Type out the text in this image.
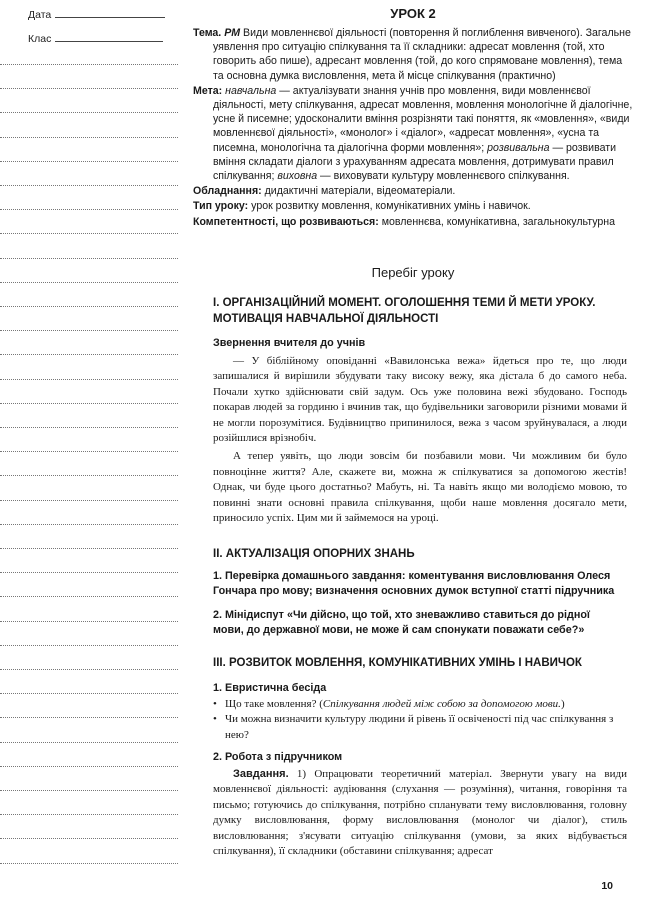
Дата
Клас
УРОК 2

Тема. РМ Види мовленнєвої діяльності (повторення й поглиблення вивченого). Загальне уявлення про ситуацію спілкування та її складники: адресат мовлення (той, хто говорить або пише), адресант мовлення (той, до кого спрямоване мовлення), тема та основна думка висловлення, мета й місце спілкування (практично)

Мета: навчальна — актуалізувати знання учнів про мовлення, види мовленнєвої діяльності, мету спілкування, адресат мовлення, мовлення монологічне й діалогічне, усне й писемне; удосконалити вміння розрізняти такі поняття, як «мовлення», «види мовленнєвої діяльності», «монолог» і «діалог», «адресат мовлення», «усна та писемна, монологічна та діалогічна форми мовлення»; розвивальна — розвивати вміння складати діалоги з урахуванням адресата мовлення, дотримувати правил спілкування; виховна — виховувати культуру мовленнєвого спілкування.

Обладнання: дидактичні матеріали, відеоматеріали.

Тип уроку: урок розвитку мовлення, комунікативних умінь і навичок.

Компетентності, що розвиваються: мовленнєва, комунікативна, загальнокультурна

Перебіг уроку
I. ОРГАНІЗАЦІЙНИЙ МОМЕНТ. ОГОЛОШЕННЯ ТЕМИ Й МЕТИ УРОКУ. МОТИВАЦІЯ НАВЧАЛЬНОЇ ДІЯЛЬНОСТІ
Звернення вчителя до учнів

— У біблійному оповіданні «Вавилонська вежа» йдеться про те, що люди запишалися й вирішили збудувати таку високу вежу, яка дістала б до самого неба. Почали хутко здійснювати свій задум. Ось уже половина вежі збудовано. Господь покарав людей за гординю і вчинив так, що будівельники заговорили різними мовами й не могли порозумітися. Будівництво припинилося, вежа з часом зруйнувалася, а люди розійшлися врізнобіч.

А тепер уявіть, що люди зовсім би позбавили мови. Чи можливим би було повноцінне життя? Але, скажете ви, можна ж спілкуватися за допомогою жестів! Однак, чи буде цього достатньо? Мабуть, ні. Та навіть якщо ми володіємо мовою, то повинні знати основні правила спілкування, щоби наше мовлення досягало мети, приносило успіх. Цим ми й займемося на уроці.

II. АКТУАЛІЗАЦІЯ ОПОРНИХ ЗНАНЬ
1. Перевірка домашнього завдання: коментування висловлювання Олеся Гончара про мову; визначення основних думок вступної статті підручника
2. Мінідиспут «Чи дійсно, що той, хто зневажливо ставиться до рідної мови, до державної мови, не може й сам спонукати поважати себе?»
III. РОЗВИТОК МОВЛЕННЯ, КОМУНІКАТИВНИХ УМІНЬ І НАВИЧОК
1. Евристична бесіда
• Що таке мовлення? (Спілкування людей між собою за допомогою мови.)
• Чи можна визначити культуру людини й рівень її освіченості під час спілкування з нею?
2. Робота з підручником

Завдання. 1) Опрацювати теоретичний матеріал. Звернути увагу на види мовленнєвої діяльності: аудіювання (слухання — розуміння), читання, говоріння та письмо; готуючись до спілкування, потрібно спланувати тему висловлювання, головну думку висловлювання, форму висловлювання (монолог чи діалог), стиль висловлювання; з'ясувати ситуацію спілкування (умови, за яких відбувається спілкування), її складники (обставини спілкування; адресат

10
